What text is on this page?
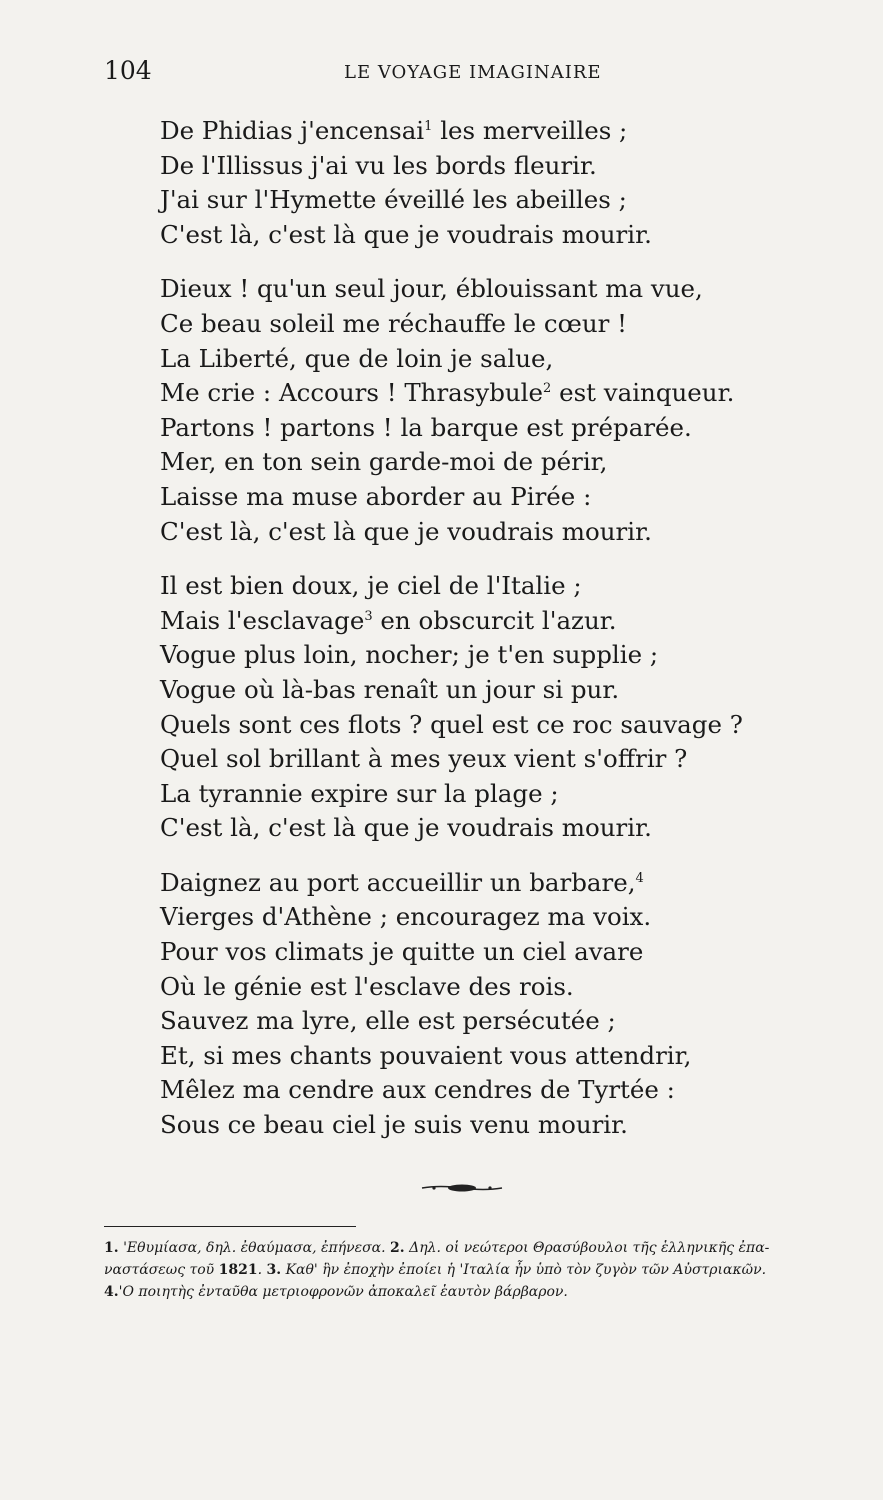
104	LE VOYAGE IMAGINAIRE
De Phidias j'encensai$^1$ les merveilles ;
De l'Illissus j'ai vu les bords fleurir.
J'ai sur l'Hymette éveillé les abeilles ;
C'est là, c'est là que je voudrais mourir.
Dieux ! qu'un seul jour, éblouissant ma vue,
Ce beau soleil me réchauffe le cœur !
La Liberté, que de loin je salue,
Me crie : Accours ! Thrasybule$^2$ est vainqueur.
Partons ! partons ! la barque est préparée.
Mer, en ton sein garde-moi de périr,
Laisse ma muse aborder au Pirée :
C'est là, c'est là que je voudrais mourir.
Il est bien doux, je ciel de l'Italie ;
Mais l'esclavage$^3$ en obscurcit l'azur.
Vogue plus loin, nocher; je t'en supplie ;
Vogue où là-bas renaît un jour si pur.
Quels sont ces flots ? quel est ce roc sauvage ?
Quel sol brillant à mes yeux vient s'offrir ?
La tyrannie expire sur la plage ;
C'est là, c'est là que je voudrais mourir.
Daignez au port accueillir un barbare,$^4$
Vierges d'Athène ; encouragez ma voix.
Pour vos climats je quitte un ciel avare
Où le génie est l'esclave des rois.
Sauvez ma lyre, elle est persécutée ;
Et, si mes chants pouvaient vous attendrir,
Mêlez ma cendre aux cendres de Tyrtée :
Sous ce beau ciel je suis venu mourir.
1. 'Εθυμίασα, δηλ. ἐθαύμασα, ἐπήνεσα. 2. Δηλ. οἱ νεώτεροι Θρασύβουλοι τῆς ἑλληνικῆς ἐπα-
ναστάσεως τοῦ 1821. 3. Καθ' ἣν ἐποχὴν ἐποίει ἡ 'Ιταλία ἦν ὑπὸ τὸν ζυγὸν τῶν Αὐστριακῶν.
4.'Ο ποιητὴς ἐνταῦθα μετριοφρονῶν ἀποκαλεῖ ἑαυτὸν βάρβαρον.
